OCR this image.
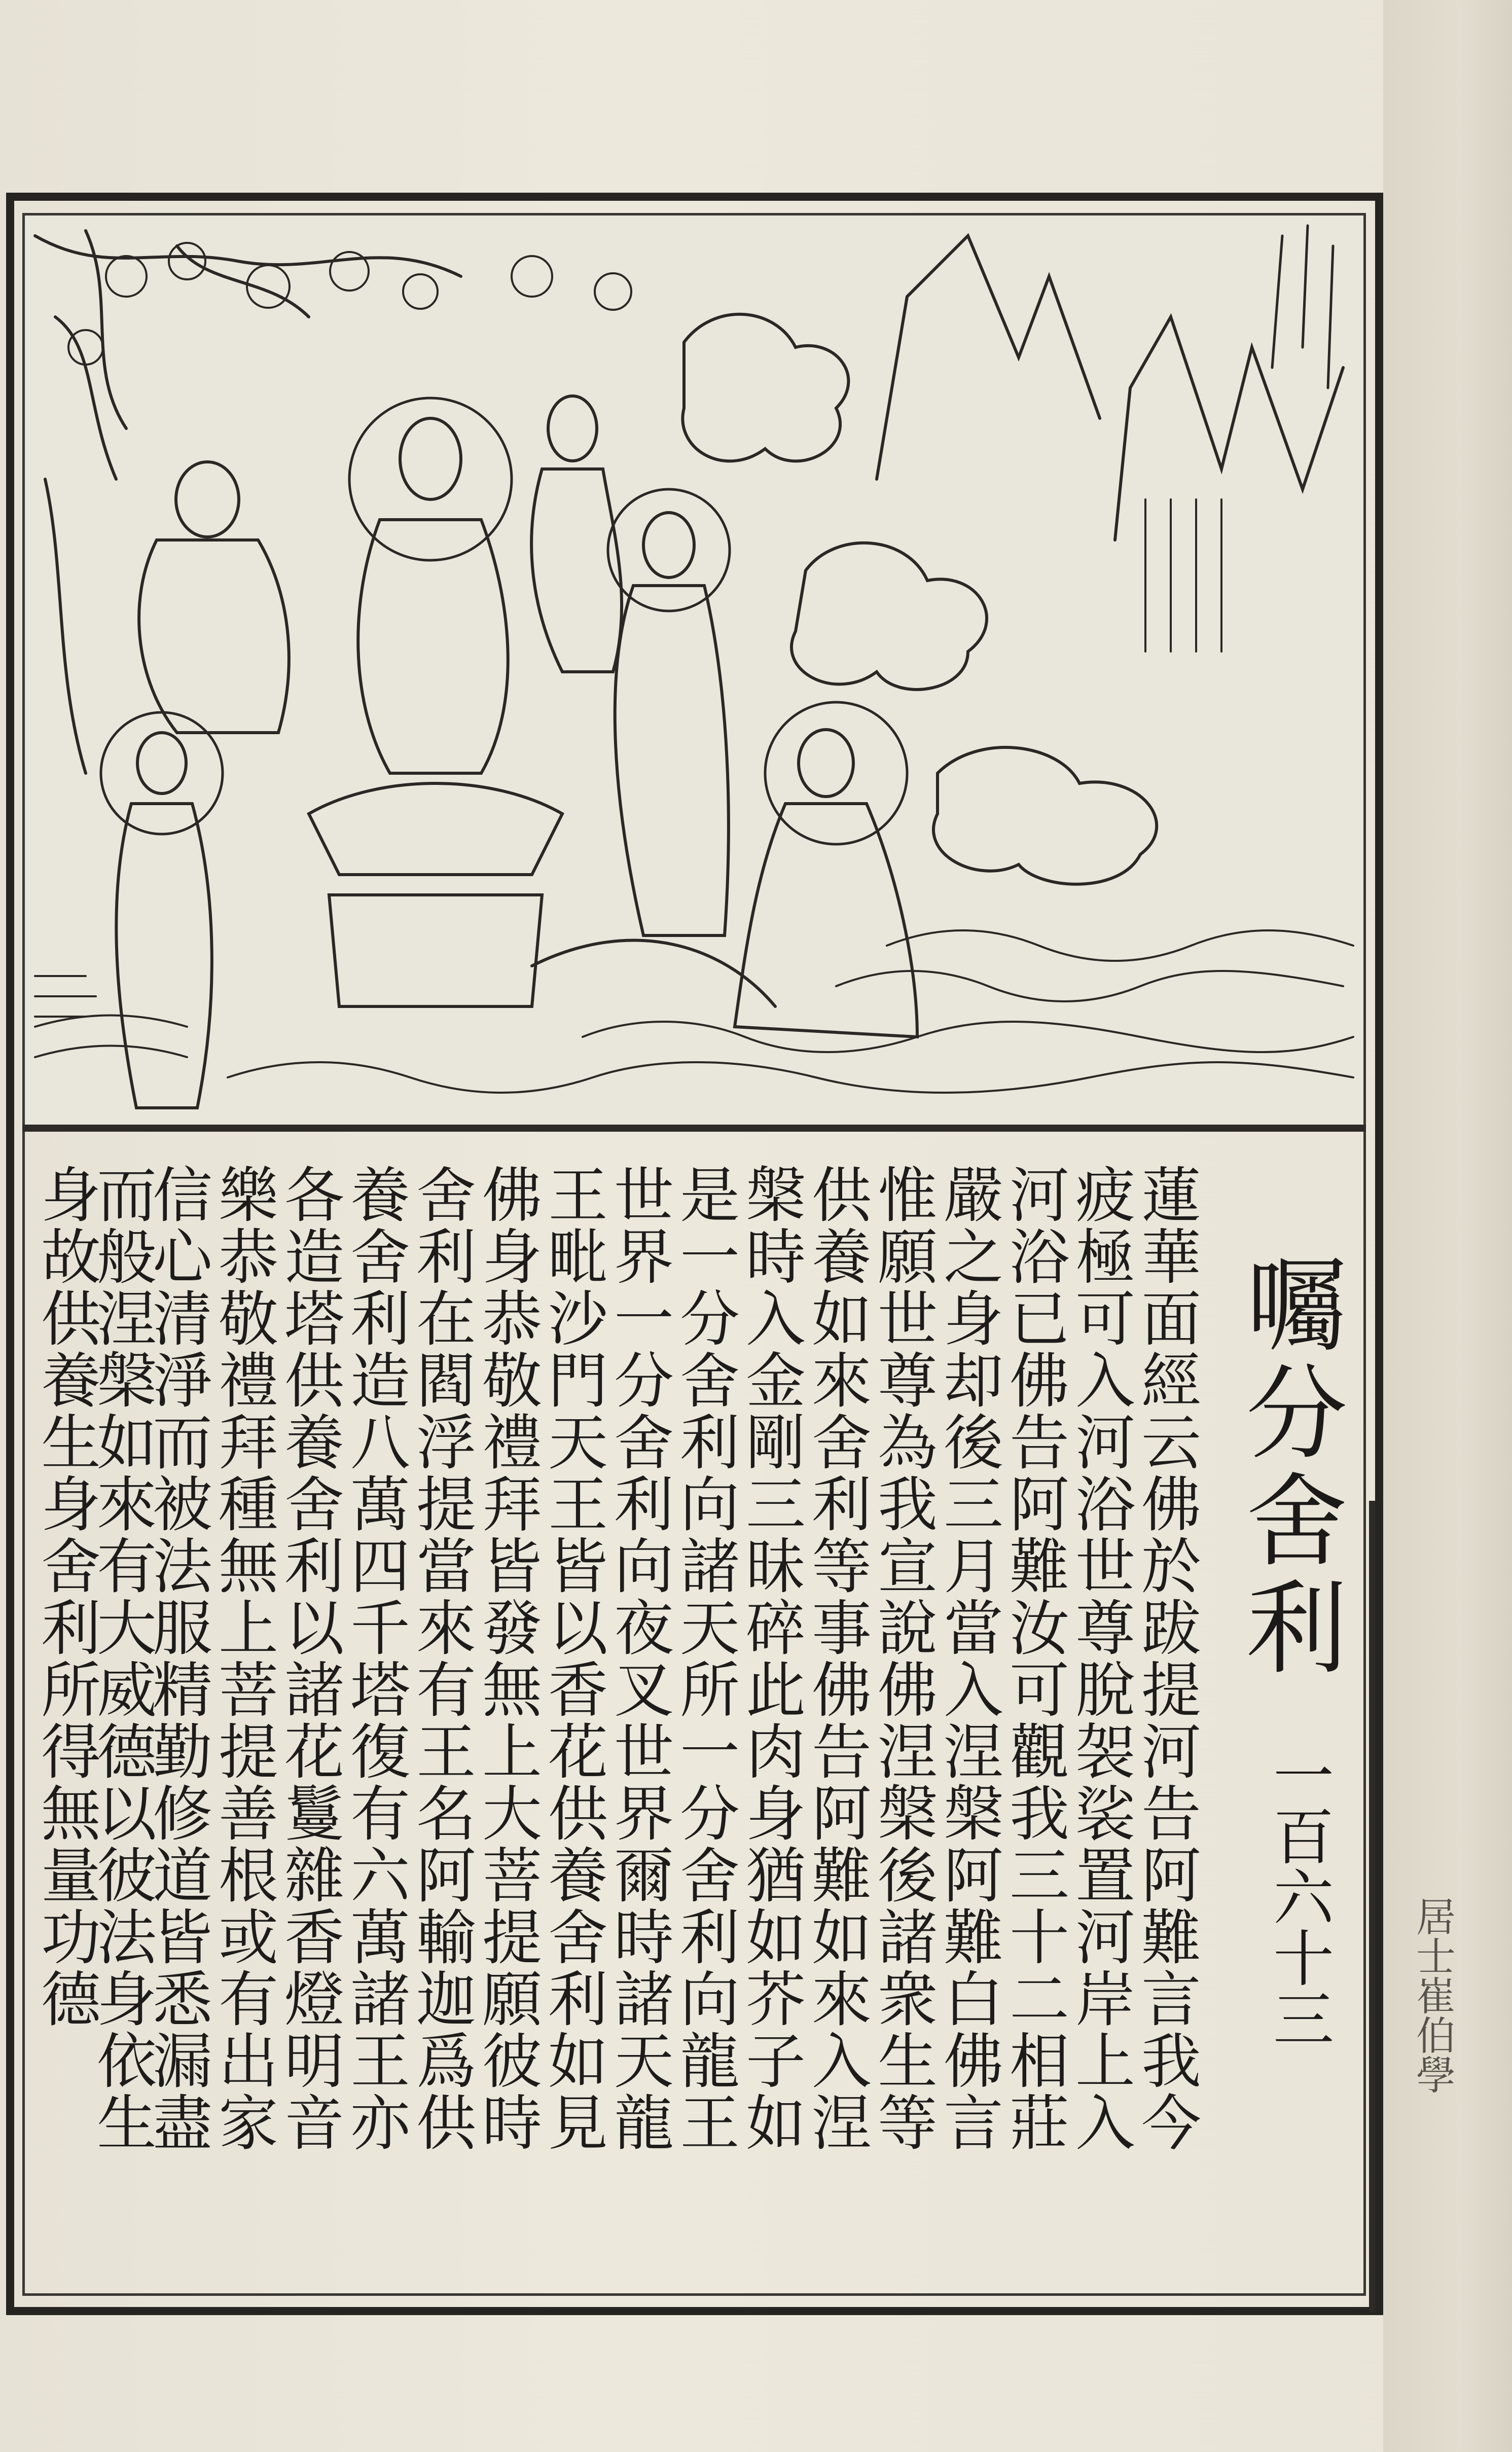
囑分舍利
一百六十三 居士崔伯學
蓮華面經云佛於跋提河告阿難言我今
疲極可入河浴世尊脫袈裟置河岸上入
河浴已佛告阿難汝可觀我三十二相莊
嚴之身却後三月當入涅槃阿難白佛言
惟願世尊為我宣說佛涅槃後諸衆生等
供養如來舍利等事佛告阿難如來入涅
槃時入金剛三昧碎此肉身猶如芥子如
是一分舍利向諸天所一分舍利向龍王
世界一分舍利向夜叉世界爾時諸天龍
王毗沙門天王皆以香花供養舍利如見
佛身恭敬禮拜皆發無上大菩提願彼時
舍利在閻浮提當來有王名阿輸迦爲供
養舍利造八萬四千塔復有六萬諸王亦
各造塔供養舍利以諸花鬘雜香燈明音
樂恭敬禮拜種無上菩提善根或有出家
信心清淨而被法服精勤修道皆悉漏盡
而般涅槃如來有大威德以彼法身依生
身故供養生身舍利所得無量功德
